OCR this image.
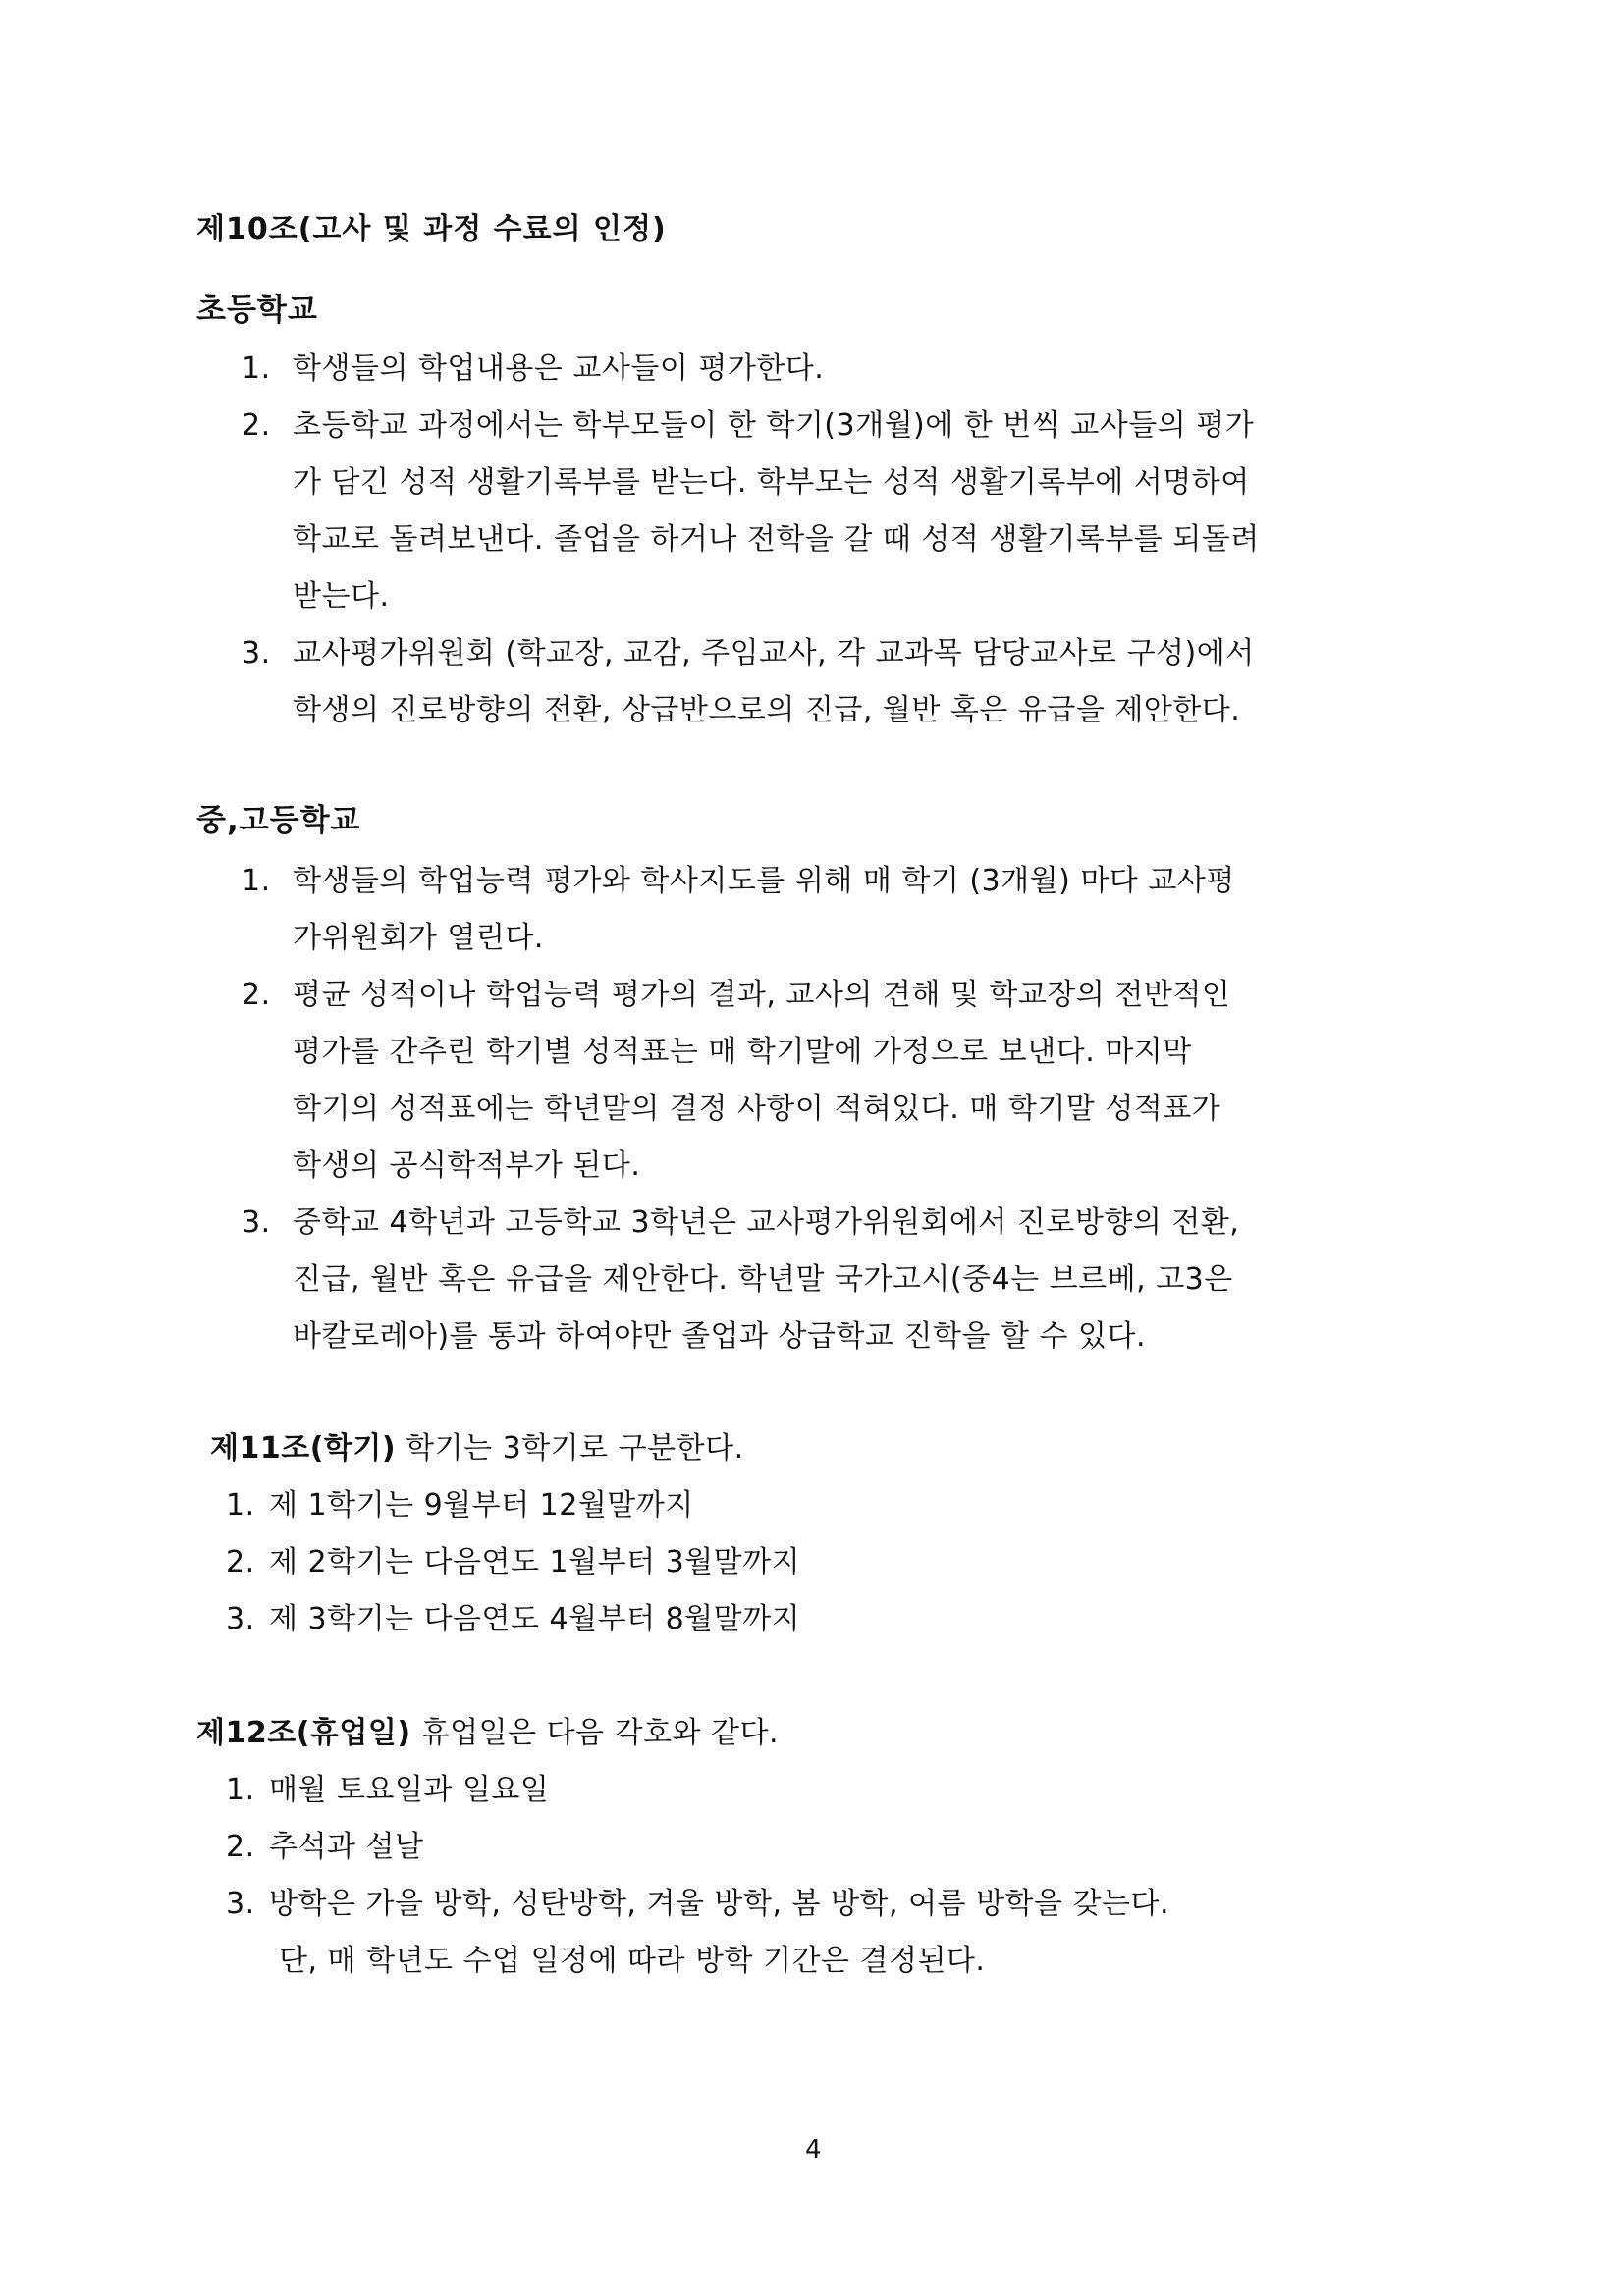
제10조(고사 및 과정 수료의 인정)
초등학교
1. 학생들의 학업내용은 교사들이 평가한다.
2. 초등학교 과정에서는 학부모들이 한 학기(3개월)에 한 번씩 교사들의 평가
가 담긴 성적 생활기록부를 받는다. 학부모는 성적 생활기록부에 서명하여
학교로 돌려보낸다. 졸업을 하거나 전학을 갈 때 성적 생활기록부를 되돌려
받는다.
3. 교사평가위원회 (학교장, 교감, 주임교사, 각 교과목 담당교사로 구성)에서
학생의 진로방향의 전환, 상급반으로의 진급, 월반 혹은 유급을 제안한다.
중,고등학교
1. 학생들의 학업능력 평가와 학사지도를 위해 매 학기 (3개월) 마다 교사평
가위원회가 열린다.
2. 평균 성적이나 학업능력 평가의 결과, 교사의 견해 및 학교장의 전반적인
평가를 간추린 학기별 성적표는 매 학기말에 가정으로 보낸다. 마지막
학기의 성적표에는 학년말의 결정 사항이 적혀있다. 매 학기말 성적표가
학생의 공식학적부가 된다.
3. 중학교 4학년과 고등학교 3학년은 교사평가위원회에서 진로방향의 전환,
진급, 월반 혹은 유급을 제안한다. 학년말 국가고시(중4는 브르베, 고3은
바칼로레아)를 통과 하여야만 졸업과 상급학교 진학을 할 수 있다.
제11조(학기) 학기는 3학기로 구분한다.
1. 제 1학기는 9월부터 12월말까지
2. 제 2학기는 다음연도 1월부터 3월말까지
3. 제 3학기는 다음연도 4월부터 8월말까지
제12조(휴업일) 휴업일은 다음 각호와 같다.
1. 매월 토요일과 일요일
2. 추석과 설날
3. 방학은 가을 방학, 성탄방학, 겨울 방학, 봄 방학, 여름 방학을 갖는다.
단, 매 학년도 수업 일정에 따라 방학 기간은 결정된다.
4
